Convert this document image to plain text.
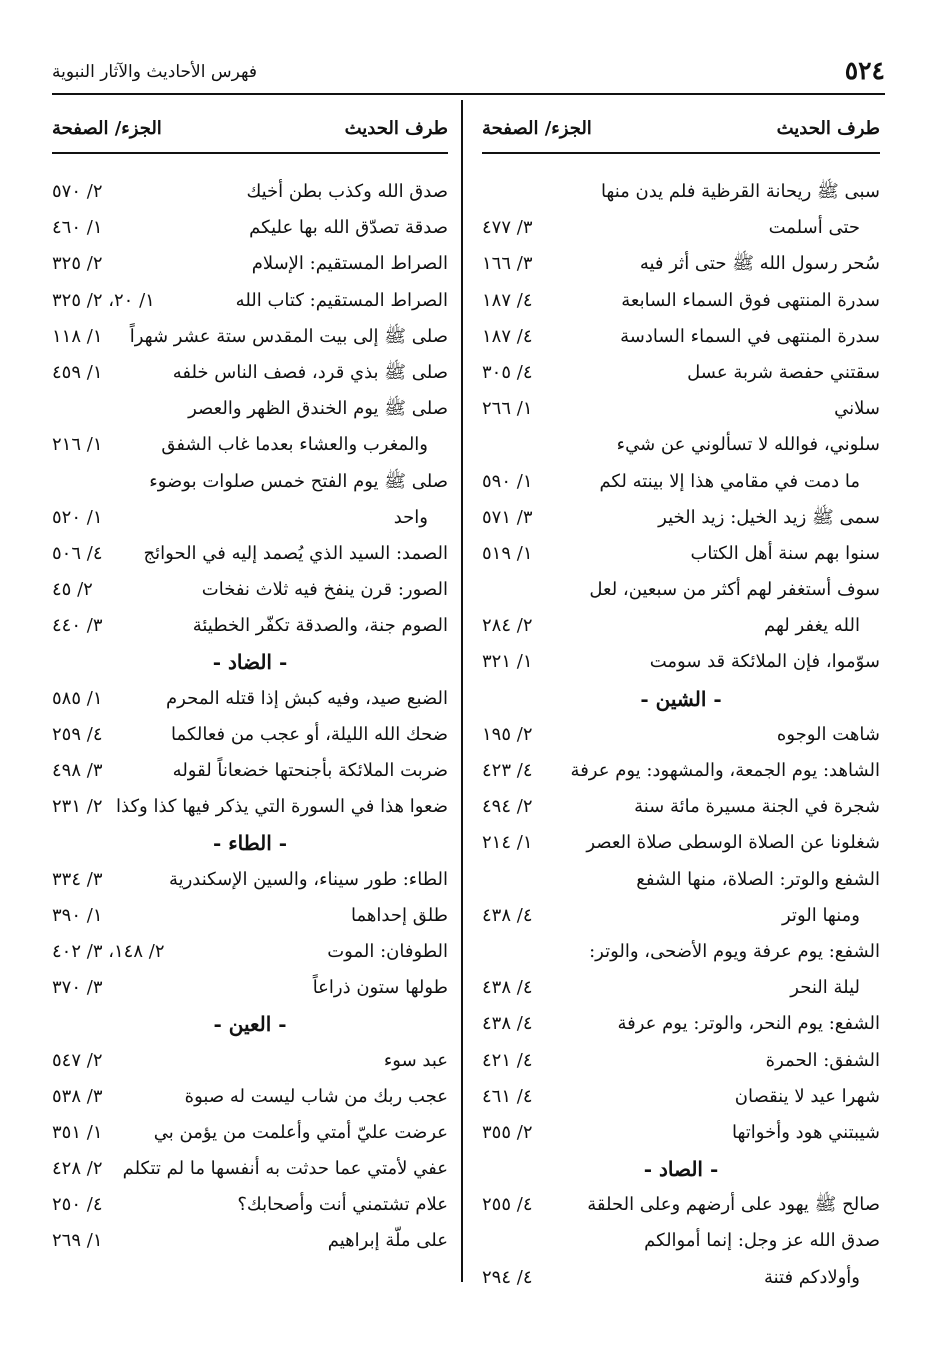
٥٢٤
فهرس الأحاديث والآثار النبوية
طرف الحديث
الجزء/ الصفحة
سبى ﷺ ريحانة القرظية فلم يدن منها
حتى أسلمت
٣/ ٤٧٧
سُحر رسول الله ﷺ حتى أثر فيه
٣/ ١٦٦
سدرة المنتهى فوق السماء السابعة
٤/ ١٨٧
سدرة المنتهى في السماء السادسة
٤/ ١٨٧
سقتني حفصة شربة عسل
٤/ ٣٠٥
سلاني
١/ ٢٦٦
سلوني، فوالله لا تسألوني عن شيء
ما دمت في مقامي هذا إلا بينته لكم
١/ ٥٩٠
سمى ﷺ زيد الخيل: زيد الخير
٣/ ٥٧١
سنوا بهم سنة أهل الكتاب
١/ ٥١٩
سوف أستغفر لهم أكثر من سبعين، لعل
الله يغفر لهم
٢/ ٢٨٤
سوّموا، فإن الملائكة قد سومت
١/ ٣٢١
- الشين -
شاهت الوجوه
٢/ ١٩٥
الشاهد: يوم الجمعة، والمشهود: يوم عرفة
٤/ ٤٢٣
شجرة في الجنة مسيرة مائة سنة
٢/ ٤٩٤
شغلونا عن الصلاة الوسطى صلاة العصر
١/ ٢١٤
الشفع والوتر: الصلاة، منها الشفع
ومنها الوتر
٤/ ٤٣٨
الشفع: يوم عرفة ويوم الأضحى، والوتر:
ليلة النحر
٤/ ٤٣٨
الشفع: يوم النحر، والوتر: يوم عرفة
٤/ ٤٣٨
الشفق: الحمرة
٤/ ٤٢١
شهرا عيد لا ينقصان
٤/ ٤٦١
شيبتني هود وأخواتها
٢/ ٣٥٥
- الصاد -
صالح ﷺ يهود على أرضهم وعلى الحلقة
٤/ ٢٥٥
صدق الله عز وجل: إنما أموالكم
وأولادكم فتنة
٤/ ٢٩٤
طرف الحديث
الجزء/ الصفحة
صدق الله وكذب بطن أخيك
٢/ ٥٧٠
صدقة تصدّق الله بها عليكم
١/ ٤٦٠
الصراط المستقيم: الإسلام
٢/ ٣٢٥
الصراط المستقيم: كتاب الله
١/ ٢٠، ٢/ ٣٢٥
صلى ﷺ إلى بيت المقدس ستة عشر شهراً
١/ ١١٨
صلى ﷺ بذي قرد، فصف الناس خلفه
١/ ٤٥٩
صلى ﷺ يوم الخندق الظهر والعصر
والمغرب والعشاء بعدما غاب الشفق
١/ ٢١٦
صلى ﷺ يوم الفتح خمس صلوات بوضوء
واحد
١/ ٥٢٠
الصمد: السيد الذي يُصمد إليه في الحوائج
٤/ ٥٠٦
الصور: قرن ينفخ فيه ثلاث نفخات
٢/ ٤٥
الصوم جنة، والصدقة تكفّر الخطيئة
٣/ ٤٤٠
- الضاد -
الضبع صيد، وفيه كبش إذا قتله المحرم
١/ ٥٨٥
ضحك الله الليلة، أو عجب من فعالكما
٤/ ٢٥٩
ضربت الملائكة بأجنحتها خضعاناً لقوله
٣/ ٤٩٨
ضعوا هذا في السورة التي يذكر فيها كذا وكذا
٢/ ٢٣١
- الطاء -
الطاء: طور سيناء، والسين الإسكندرية
٣/ ٣٣٤
طلق إحداهما
١/ ٣٩٠
الطوفان: الموت
٢/ ١٤٨، ٣/ ٤٠٢
طولها ستون ذراعاً
٣/ ٣٧٠
- العين -
عبد سوء
٢/ ٥٤٧
عجب ربك من شاب ليست له صبوة
٣/ ٥٣٨
عرضت عليّ أمتي وأعلمت من يؤمن بي
١/ ٣٥١
عفي لأمتي عما حدثت به أنفسها ما لم تتكلم
٢/ ٤٢٨
علام تشتمني أنت وأصحابك؟
٤/ ٢٥٠
على ملّة إبراهيم
١/ ٢٦٩
